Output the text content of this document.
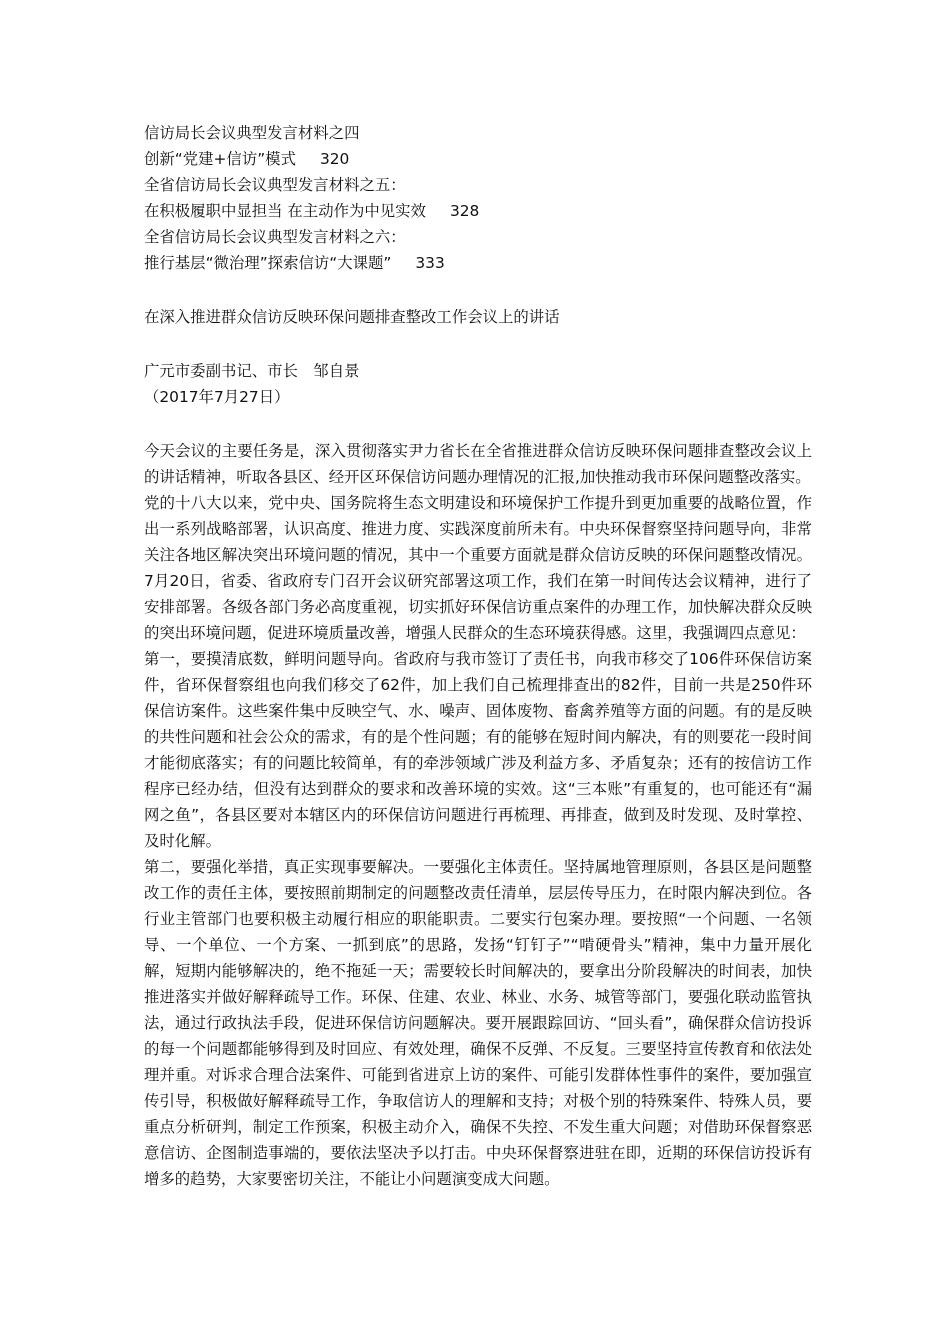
信访局长会议典型发言材料之四

创新“党建+信访”模式 320

全省信访局长会议典型发言材料之五：

在积极履职中显担当 在主动作为中见实效 328

全省信访局长会议典型发言材料之六：

推行基层“微治理”探索信访“大课题” 333

在深入推进群众信访反映环保问题排查整改工作会议上的讲话

广元市委副书记、市长　邹自景

（2017年7月27日）

今天会议的主要任务是，深入贯彻落实尹力省长在全省推进群众信访反映环保问题排查整改会议上的讲话精神，听取各县区、经开区环保信访问题办理情况的汇报,加快推动我市环保问题整改落实。

党的十八大以来，党中央、国务院将生态文明建设和环境保护工作提升到更加重要的战略位置，作出一系列战略部署，认识高度、推进力度、实践深度前所未有。中央环保督察坚持问题导向，非常关注各地区解决突出环境问题的情况，其中一个重要方面就是群众信访反映的环保问题整改情况。7月20日，省委、省政府专门召开会议研究部署这项工作，我们在第一时间传达会议精神，进行了安排部署。各级各部门务必高度重视，切实抓好环保信访重点案件的办理工作，加快解决群众反映的突出环境问题，促进环境质量改善，增强人民群众的生态环境获得感。这里，我强调四点意见：

第一，要摸清底数，鲜明问题导向。省政府与我市签订了责任书，向我市移交了106件环保信访案件，省环保督察组也向我们移交了62件，加上我们自己梳理排查出的82件，目前一共是250件环保信访案件。这些案件集中反映空气、水、噪声、固体废物、畜禽养殖等方面的问题。有的是反映的共性问题和社会公众的需求，有的是个性问题；有的能够在短时间内解决，有的则要花一段时间才能彻底落实；有的问题比较简单，有的牵涉领域广涉及利益方多、矛盾复杂；还有的按信访工作程序已经办结，但没有达到群众的要求和改善环境的实效。这“三本账”有重复的，也可能还有“漏网之鱼”，各县区要对本辖区内的环保信访问题进行再梳理、再排查，做到及时发现、及时掌控、及时化解。

第二，要强化举措，真正实现事要解决。一要强化主体责任。坚持属地管理原则，各县区是问题整改工作的责任主体，要按照前期制定的问题整改责任清单，层层传导压力，在时限内解决到位。各行业主管部门也要积极主动履行相应的职能职责。二要实行包案办理。要按照“一个问题、一名领导、一个单位、一个方案、一抓到底”的思路，发扬“钉钉子”“啃硬骨头”精神，集中力量开展化解，短期内能够解决的，绝不拖延一天；需要较长时间解决的，要拿出分阶段解决的时间表，加快推进落实并做好解释疏导工作。环保、住建、农业、林业、水务、城管等部门，要强化联动监管执法，通过行政执法手段，促进环保信访问题解决。要开展跟踪回访、“回头看”，确保群众信访投诉的每一个问题都能够得到及时回应、有效处理，确保不反弹、不反复。三要坚持宣传教育和依法处理并重。对诉求合理合法案件、可能到省进京上访的案件、可能引发群体性事件的案件，要加强宣传引导，积极做好解释疏导工作，争取信访人的理解和支持；对极个别的特殊案件、特殊人员，要重点分析研判，制定工作预案，积极主动介入，确保不失控、不发生重大问题；对借助环保督察恶意信访、企图制造事端的，要依法坚决予以打击。中央环保督察进驻在即，近期的环保信访投诉有增多的趋势，大家要密切关注，不能让小问题演变成大问题。
